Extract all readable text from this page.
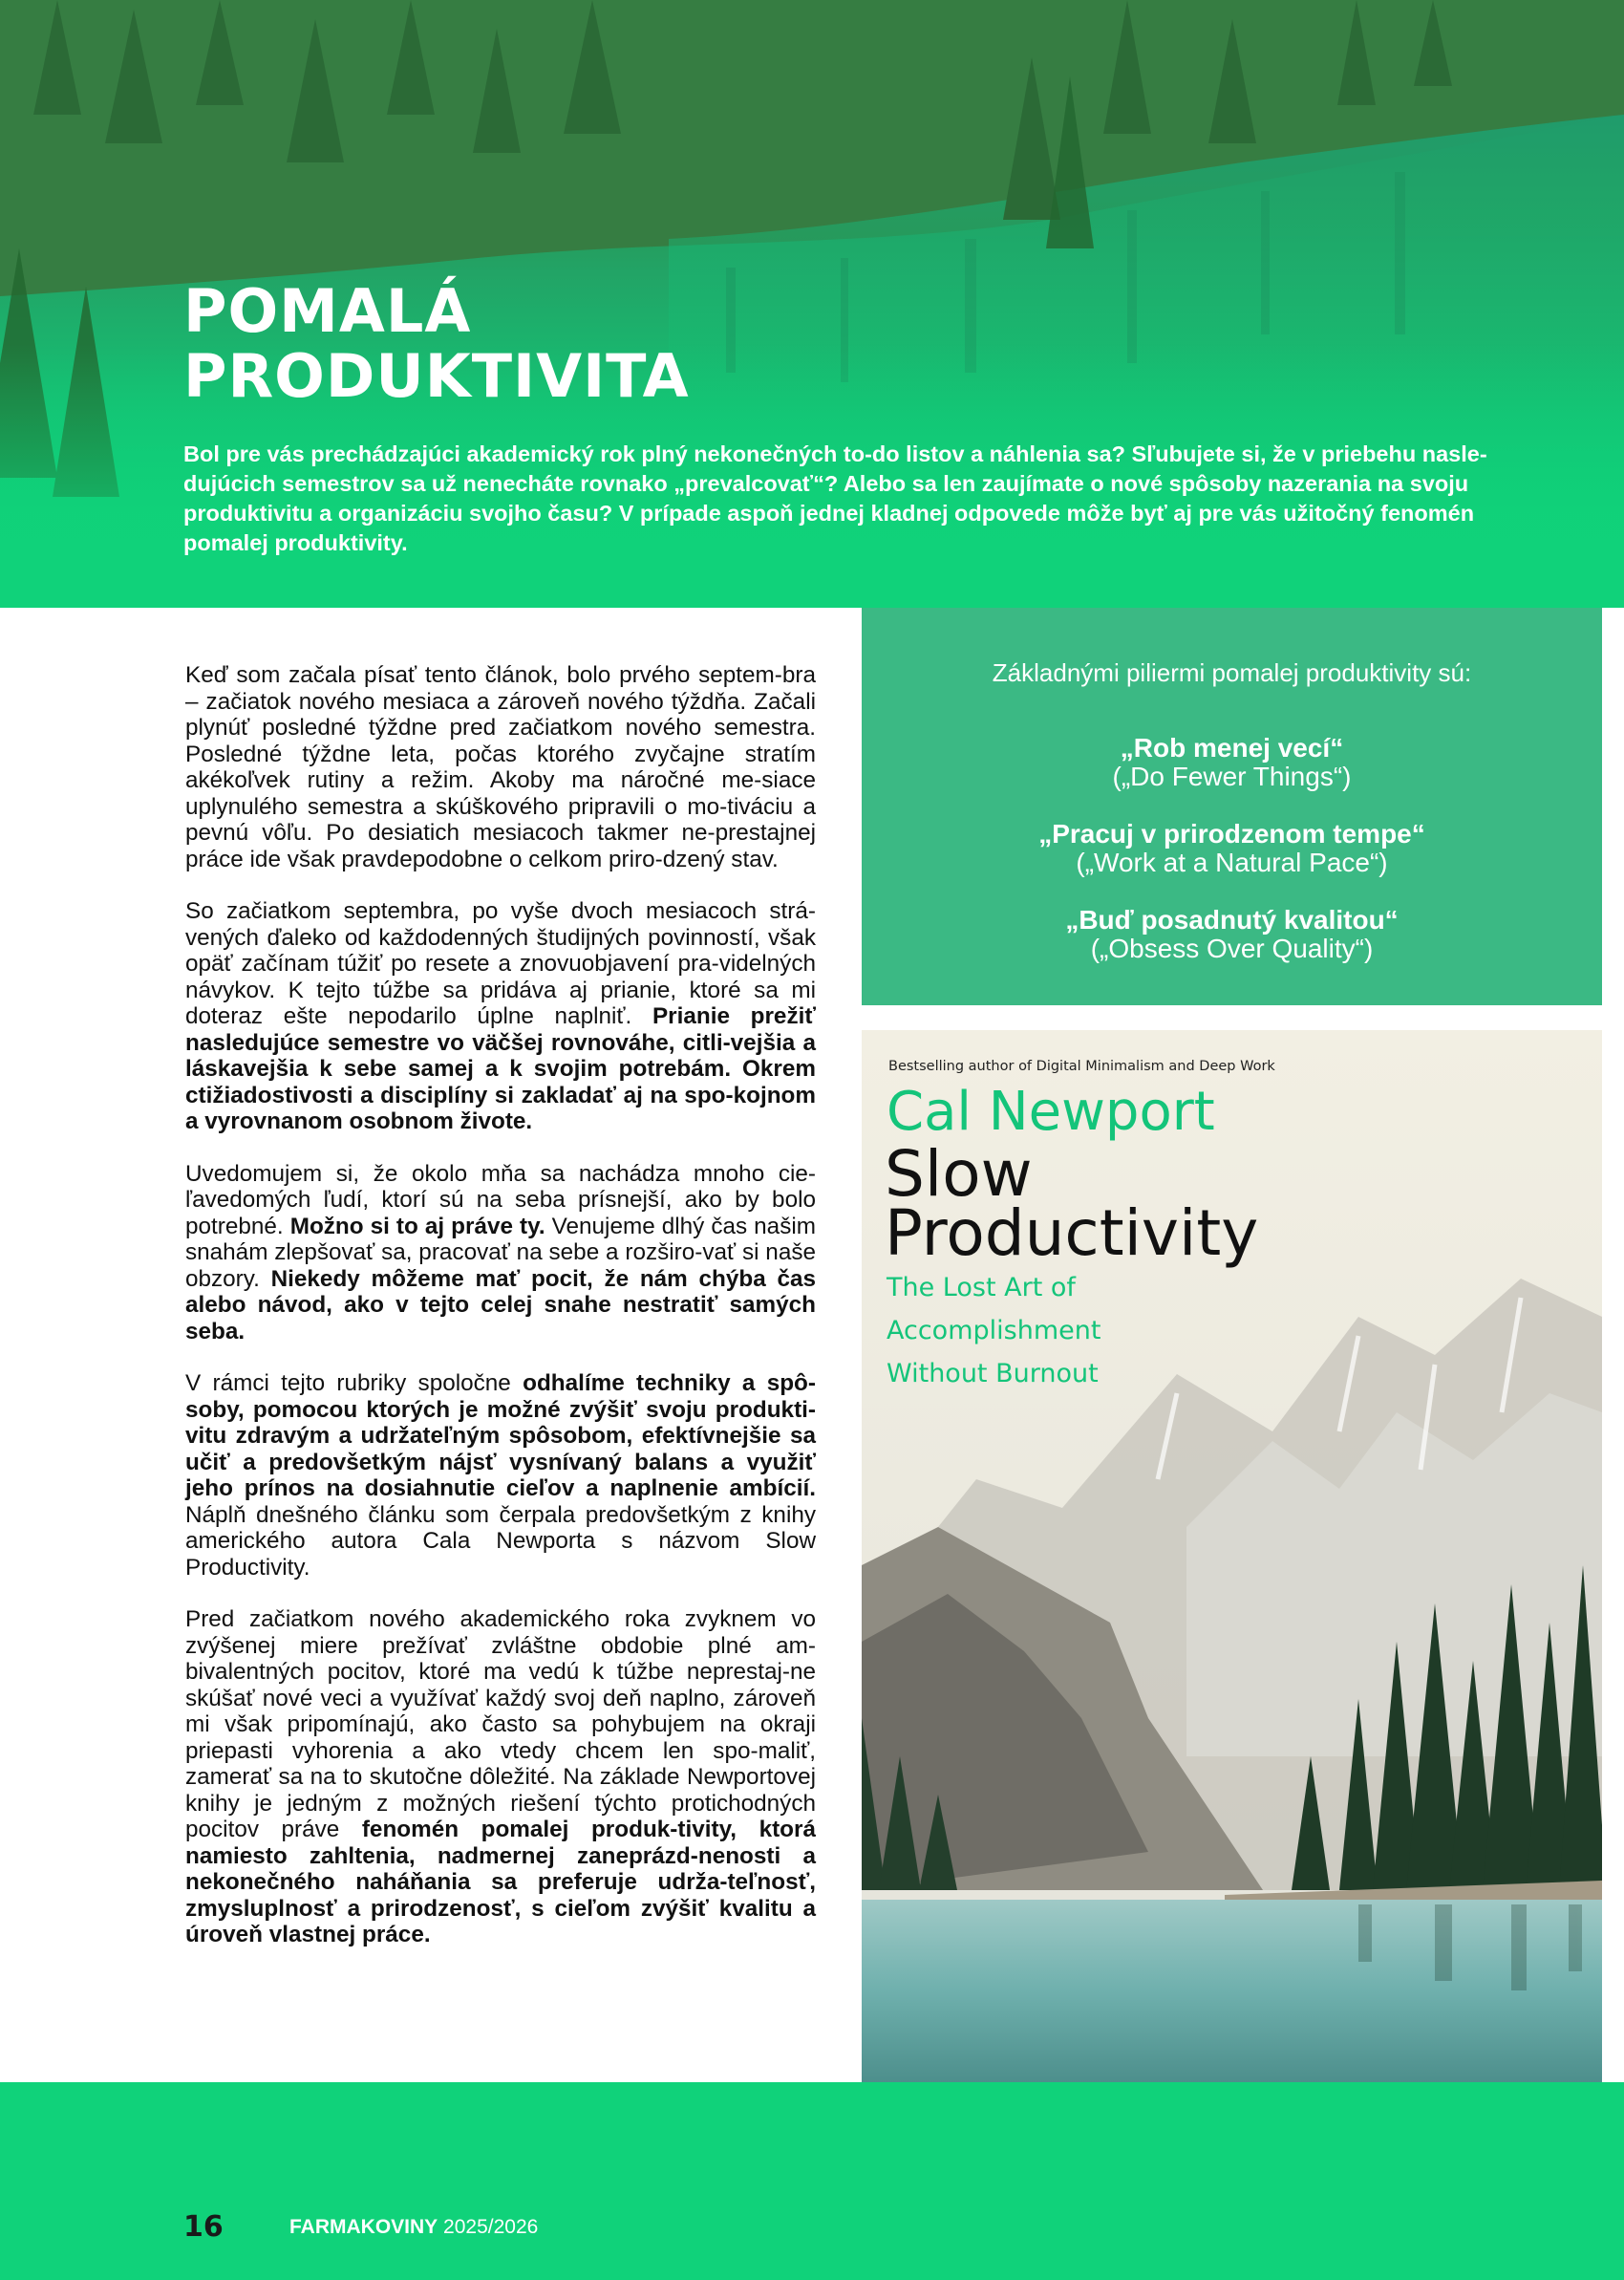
POMALÁ
PRODUKTIVITA

Bol pre vás prechádzajúci akademický rok plný nekonečných to-do listov a náhlenia sa? Sľubujete si, že v priebehu nasle-dujúcich semestrov sa už nenecháte rovnako „prevalcovať“? Alebo sa len zaujímate o nové spôsoby nazerania na svoju produktivitu a organizáciu svojho času? V prípade aspoň jednej kladnej odpovede môže byť aj pre vás užitočný fenomén pomalej produktivity.

Keď som začala písať tento článok, bolo prvého septem-bra – začiatok nového mesiaca a zároveň nového týždňa. Začali plynúť posledné týždne pred začiatkom nového semestra. Posledné týždne leta, počas ktorého zvyčajne stratím akékoľvek rutiny a režim. Akoby ma náročné me-siace uplynulého semestra a skúškového pripravili o mo-tiváciu a pevnú vôľu. Po desiatich mesiacoch takmer ne-prestajnej práce ide však pravdepodobne o celkom priro-dzený stav.

So začiatkom septembra, po vyše dvoch mesiacoch strá-vených ďaleko od každodenných študijných povinností, však opäť začínam túžiť po resete a znovuobjavení pra-videlných návykov. K tejto túžbe sa pridáva aj prianie, ktoré sa mi doteraz ešte nepodarilo úplne naplniť. Prianie prežiť nasledujúce semestre vo väčšej rovnováhe, citli-vejšia a láskavejšia k sebe samej a k svojim potrebám. Okrem ctižiadostivosti a disciplíny si zakladať aj na spo-kojnom a vyrovnanom osobnom živote.

Uvedomujem si, že okolo mňa sa nachádza mnoho cie-ľavedomých ľudí, ktorí sú na seba prísnejší, ako by bolo potrebné. Možno si to aj práve ty. Venujeme dlhý čas našim snahám zlepšovať sa, pracovať na sebe a rozširo-vať si naše obzory. Niekedy môžeme mať pocit, že nám chýba čas alebo návod, ako v tejto celej snahe nestratiť samých seba.

V rámci tejto rubriky spoločne odhalíme techniky a spô-soby, pomocou ktorých je možné zvýšiť svoju produkti-vitu zdravým a udržateľným spôsobom, efektívnejšie sa učiť a predovšetkým nájsť vysnívaný balans a využiť jeho prínos na dosiahnutie cieľov a naplnenie ambícií. Náplň dnešného článku som čerpala predovšetkým z knihy amerického autora Cala Newporta s názvom Slow Productivity.

Pred začiatkom nového akademického roka zvyknem vo zvýšenej miere prežívať zvláštne obdobie plné am-bivalentných pocitov, ktoré ma vedú k túžbe neprestaj-ne skúšať nové veci a využívať každý svoj deň naplno, zároveň mi však pripomínajú, ako často sa pohybujem na okraji priepasti vyhorenia a ako vtedy chcem len spo-maliť, zamerať sa na to skutočne dôležité. Na základe Newportovej knihy je jedným z možných riešení týchto protichodných pocitov práve fenomén pomalej produk-tivity, ktorá namiesto zahltenia, nadmernej zaneprázd-nenosti a nekonečného naháňania sa preferuje udrža-teľnosť, zmysluplnosť a prirodzenosť, s cieľom zvýšiť kvalitu a úroveň vlastnej práce.

Základnými piliermi pomalej produktivity sú:
„Rob menej vecí“
(„Do Fewer Things“)
„Pracuj v prirodzenom tempe“
(„Work at a Natural Pace“)
„Buď posadnutý kvalitou“
(„Obsess Over Quality“)
Bestselling author of Digital Minimalism and Deep Work
Cal Newport
Slow
Productivity
The Lost Art of
Accomplishment
Without Burnout
16	FARMAKOVINY 2025/2026
